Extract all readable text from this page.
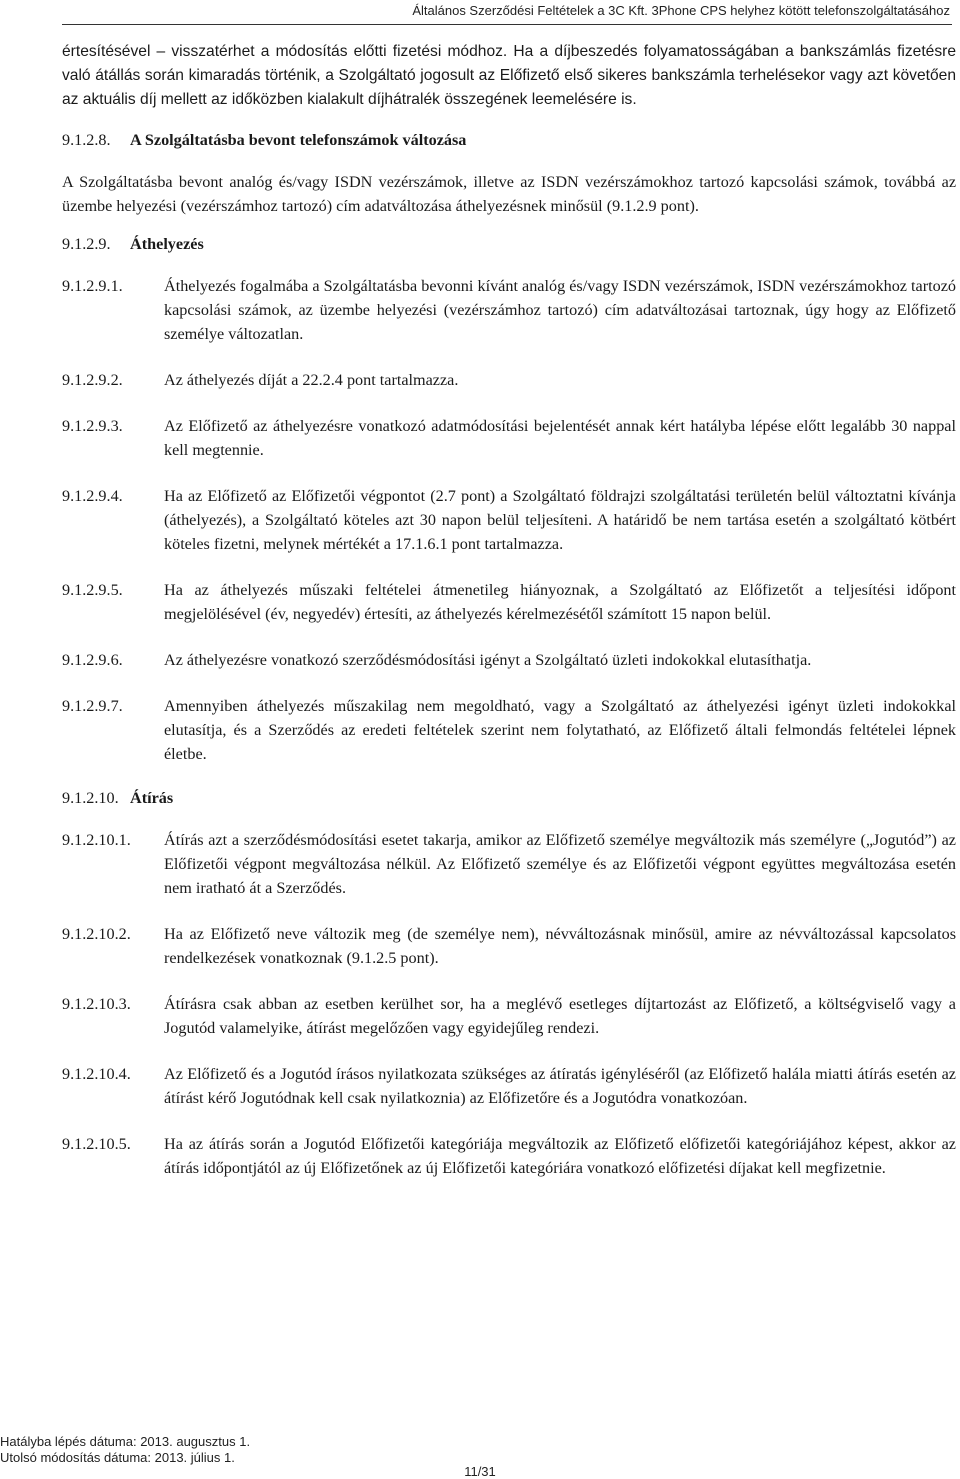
Általános Szerződési Feltételek a 3C Kft. 3Phone CPS helyhez kötött telefonszolgáltatásához

értesítésével – visszatérhet a módosítás előtti fizetési módhoz. Ha a díjbeszedés folyamatosságában a bankszámlás fizetésre való átállás során kimaradás történik, a Szolgáltató jogosult az Előfizető első sikeres bankszámla terhelésekor vagy azt követően az aktuális díj mellett az időközben kialakult díjhátralék összegének leemelésére is.

9.1.2.8. A Szolgáltatásba bevont telefonszámok változása

A Szolgáltatásba bevont analóg és/vagy ISDN vezérszámok, illetve az ISDN vezérszámokhoz tartozó kapcsolási számok, továbbá az üzembe helyezési (vezérszámhoz tartozó) cím adatváltozása áthelyezésnek minősül (9.1.2.9 pont).

9.1.2.9. Áthelyezés
9.1.2.9.1.	Áthelyezés fogalmába a Szolgáltatásba bevonni kívánt analóg és/vagy ISDN vezérszámok, ISDN vezérszámokhoz tartozó kapcsolási számok, az üzembe helyezési (vezérszámhoz tartozó) cím adatváltozásai tartoznak, úgy hogy az Előfizető személye változatlan.
9.1.2.9.2.	Az áthelyezés díját a 22.2.4 pont tartalmazza.
9.1.2.9.3.	Az Előfizető az áthelyezésre vonatkozó adatmódosítási bejelentését annak kért hatályba lépése előtt legalább 30 nappal kell megtennie.
9.1.2.9.4.	Ha az Előfizető az Előfizetői végpontot (2.7 pont) a Szolgáltató földrajzi szolgáltatási területén belül változtatni kívánja (áthelyezés), a Szolgáltató köteles azt 30 napon belül teljesíteni. A határidő be nem tartása esetén a szolgáltató kötbért köteles fizetni, melynek mértékét a 17.1.6.1 pont tartalmazza.
9.1.2.9.5.	Ha az áthelyezés műszaki feltételei átmenetileg hiányoznak, a Szolgáltató az Előfizetőt a teljesítési időpont megjelölésével (év, negyedév) értesíti, az áthelyezés kérelmezésétől számított 15 napon belül.
9.1.2.9.6.	Az áthelyezésre vonatkozó szerződésmódosítási igényt a Szolgáltató üzleti indokokkal elutasíthatja.
9.1.2.9.7.	Amennyiben áthelyezés műszakilag nem megoldható, vagy a Szolgáltató az áthelyezési igényt üzleti indokokkal elutasítja, és a Szerződés az eredeti feltételek szerint nem folytatható, az Előfizető általi felmondás feltételei lépnek életbe.
9.1.2.10. Átírás
9.1.2.10.1.	Átírás azt a szerződésmódosítási esetet takarja, amikor az Előfizető személye megváltozik más személyre („Jogutód”) az Előfizetői végpont megváltozása nélkül. Az Előfizető személye és az Előfizetői végpont együttes megváltozása esetén nem iratható át a Szerződés.
9.1.2.10.2.	Ha az Előfizető neve változik meg (de személye nem), névváltozásnak minősül, amire az névváltozással kapcsolatos rendelkezések vonatkoznak (9.1.2.5 pont).
9.1.2.10.3.	Átírásra csak abban az esetben kerülhet sor, ha a meglévő esetleges díjtartozást az Előfizető, a költségviselő vagy a Jogutód valamelyike, átírást megelőzően vagy egyidejűleg rendezi.
9.1.2.10.4.	Az Előfizető és a Jogutód írásos nyilatkozata szükséges az átíratás igényléséről (az Előfizető halála miatti átírás esetén az átírást kérő Jogutódnak kell csak nyilatkoznia) az Előfizetőre és a Jogutódra vonatkozóan.
9.1.2.10.5.	Ha az átírás során a Jogutód Előfizetői kategóriája megváltozik az Előfizető előfizetői kategóriájához képest, akkor az átírás időpontjától az új Előfizetőnek az új Előfizetői kategóriára vonatkozó előfizetési díjakat kell megfizetnie.
Hatályba lépés dátuma: 2013. augusztus 1.
Utolsó módosítás dátuma: 2013. július 1.
11/31
